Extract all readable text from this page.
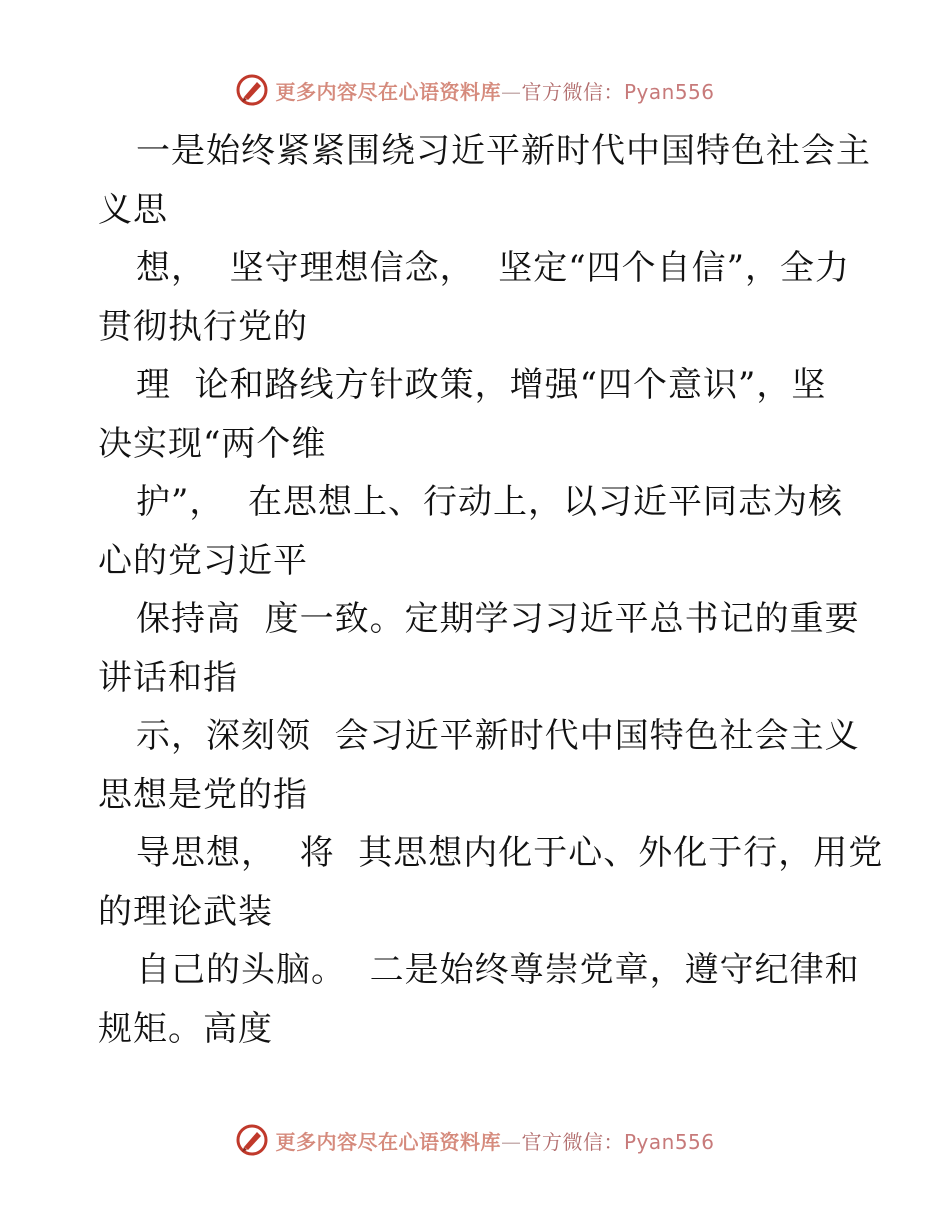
更多内容尽在心语资料库—官方微信：Pyan556
一是始终紧紧围绕习近平新时代中国特色社会主
义思
想，  坚守理想信念，  坚定“四个自信”，全力
贯彻执行党的
理  论和路线方针政策，增强“四个意识”，坚
决实现“两个维
护”，  在思想上、行动上，以习近平同志为核
心的党习近平
保持高  度一致。定期学习习近平总书记的重要
讲话和指
示，深刻领  会习近平新时代中国特色社会主义
思想是党的指
导思想，  将  其思想内化于心、外化于行，用党
的理论武装
自己的头脑。  二是始终尊崇党章，遵守纪律和
规矩。高度
更多内容尽在心语资料库—官方微信：Pyan556
